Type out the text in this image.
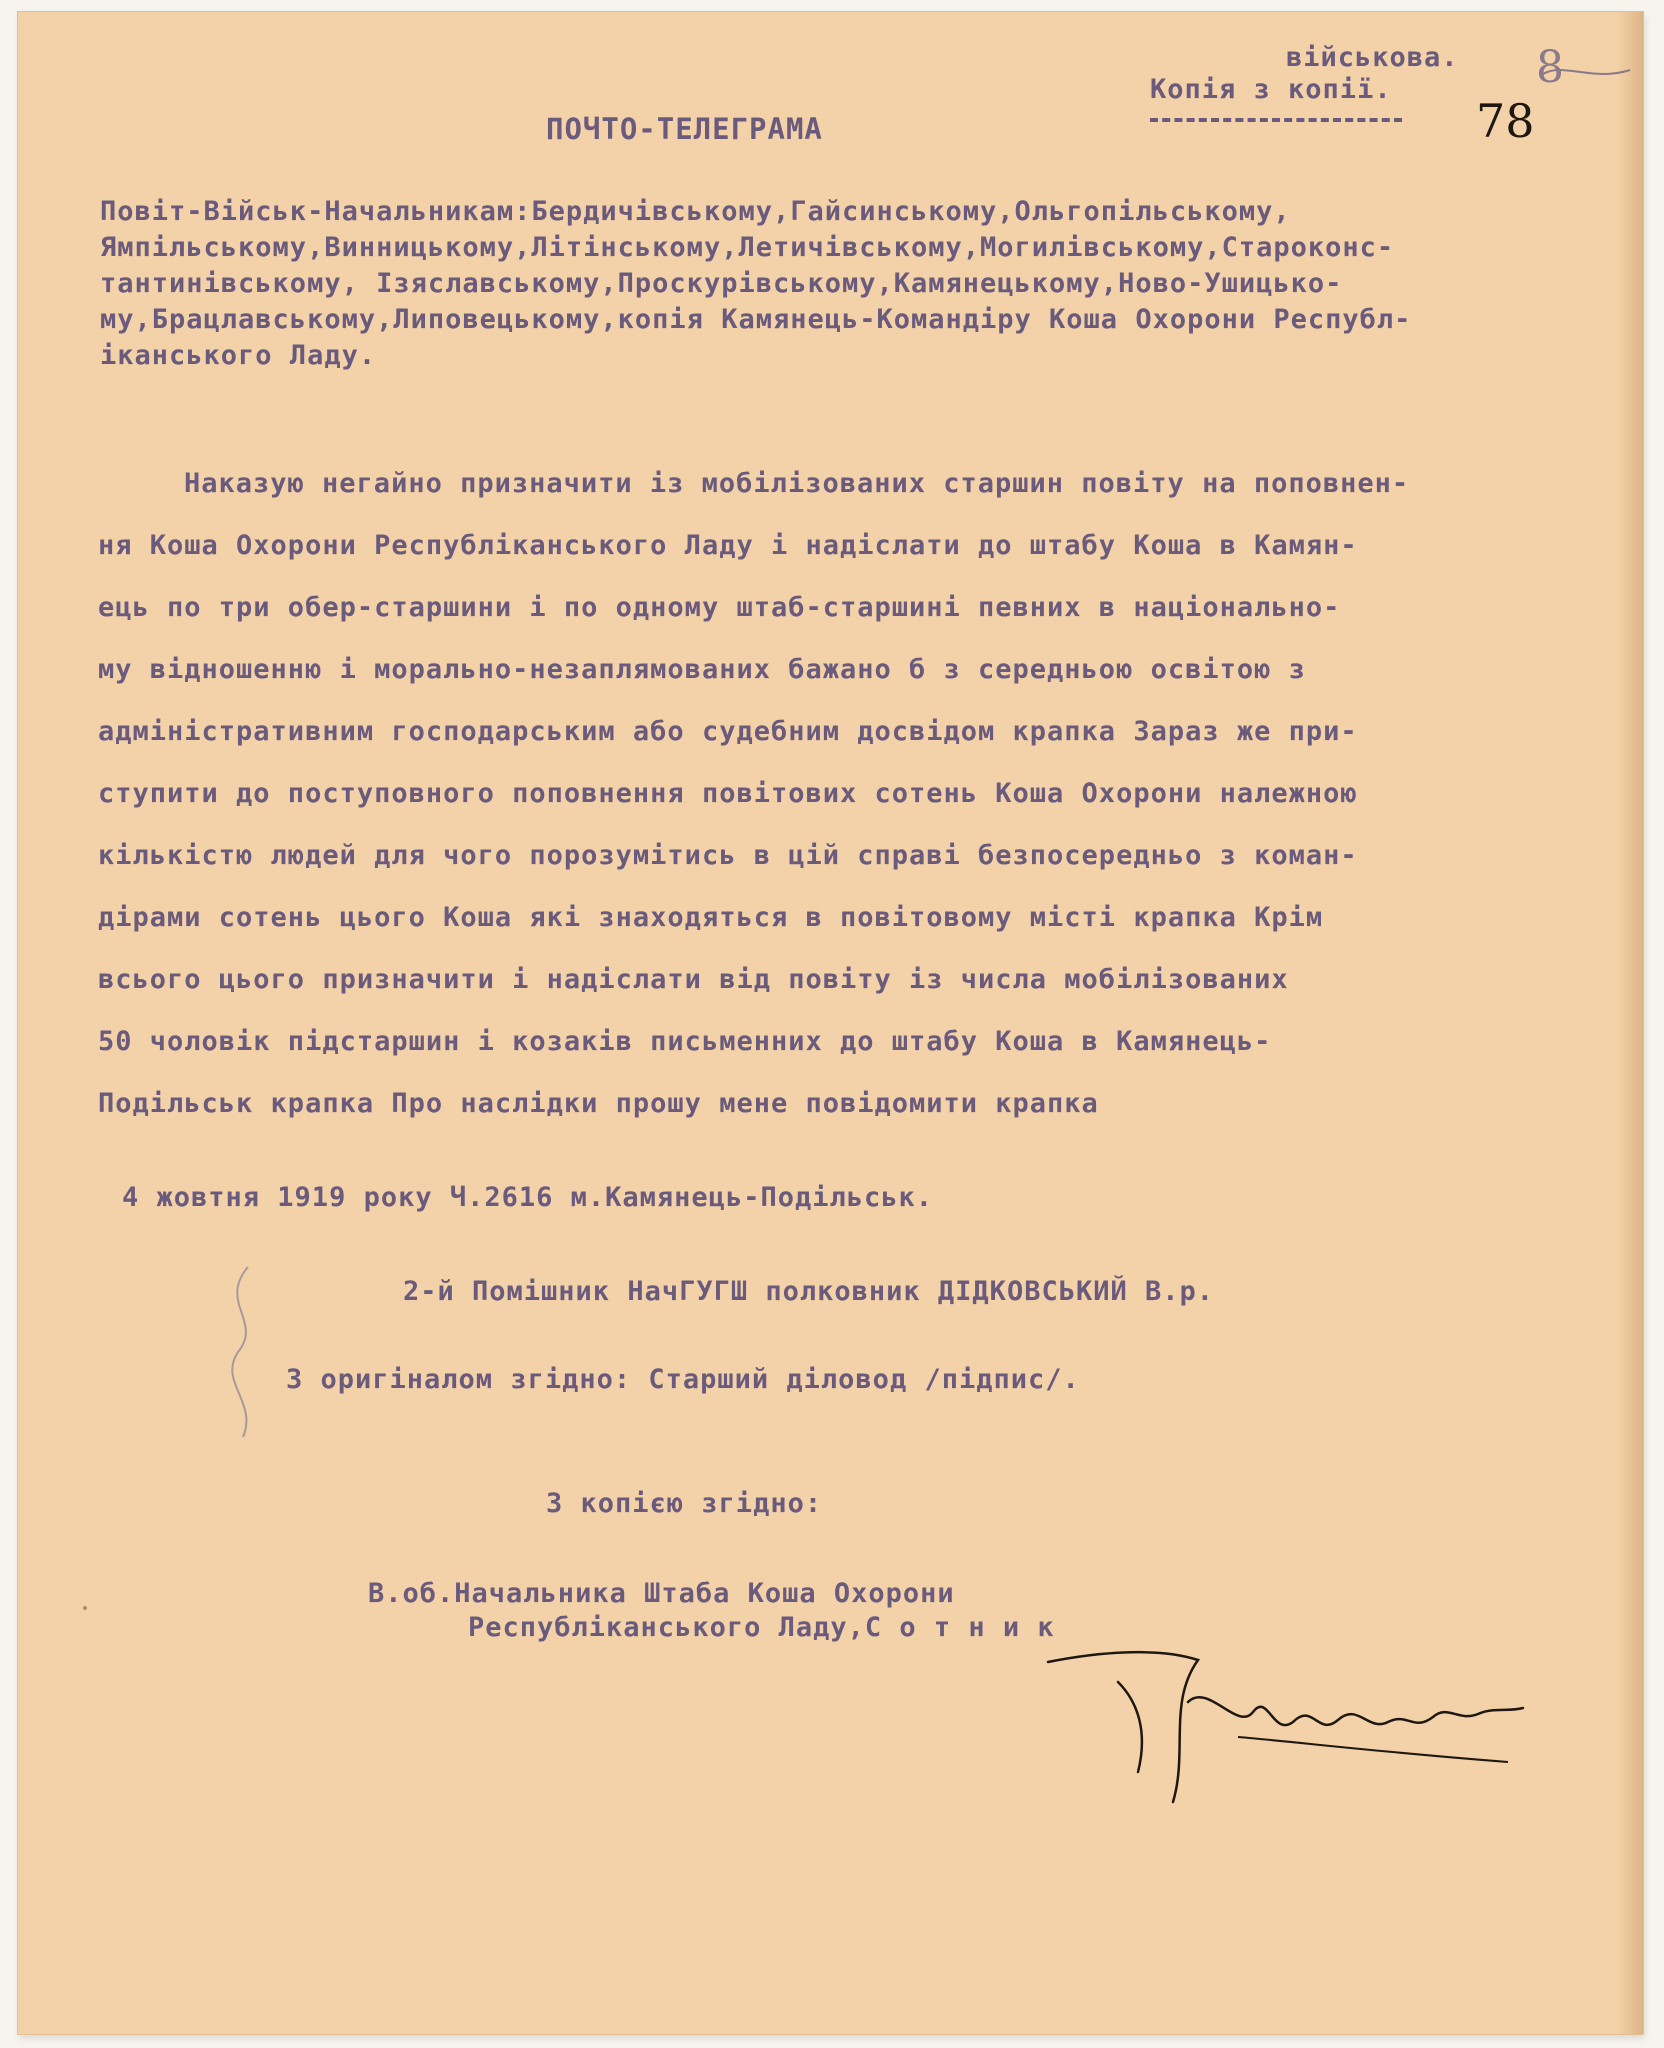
військова.
Копія з копії.
78
8
ПОЧТО-ТЕЛЕГРАМА
Повіт-Військ-Начальникам:Бердичівському,Гайсинському,Ольгопільському,
Ямпільському,Винницькому,Літінському,Летичівському,Могилівському,Староконс-
тантинівському, Ізяславському,Проскурівському,Камянецькому,Ново-Ушицько-
му,Брацлавському,Липовецькому,копія Камянець-Командіру Коша Охорони Республ-
іканського Ладу.
Наказую негайно призначити із мобілізованих старшин повіту на поповнен-
ня Коша Охорони Республіканського Ладу і надіслати до штабу Коша в Камян-
ець по три обер-старшини і по одному штаб-старшині певних в національно-
му відношенню і морально-незаплямованих бажано б з середньою освітою з
адміністративним господарським або судебним досвідом крапка Зараз же при-
ступити до поступовного поповнення повітових сотень Коша Охорони належною
кількістю людей для чого порозумітись в цій справі безпосередньо з коман-
дірами сотень цього Коша які знаходяться в повітовому місті крапка Крім
всього цього призначити і надіслати від повіту із числа мобілізованих
50 чоловік підстаршин і козаків письменних до штабу Коша в Камянець-
Подільськ крапка Про наслідки прошу мене повідомити крапка
4 жовтня 1919 року Ч.2616 м.Камянець-Подільськ.
2-й Помішник НачГУГШ полковник ДІДКОВСЬКИЙ В.р.
З оригіналом згідно: Старший діловод /підпис/.
З копією згідно:
В.об.Начальника Штаба Коша Охорони
Республіканського Ладу,С о т н и к
